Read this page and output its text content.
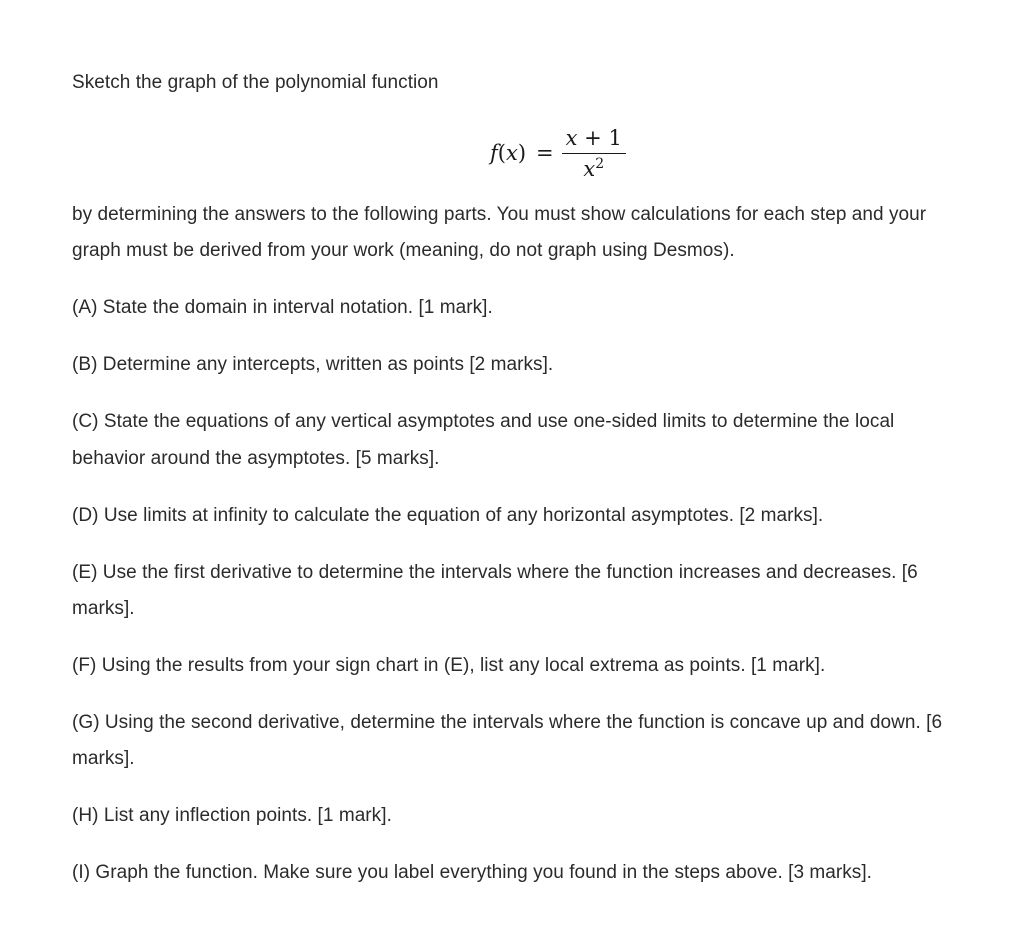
Sketch the graph of the polynomial function
$f(x) = \frac{x + 1}{x^2}$
by determining the answers to the following parts. You must show calculations for each step and your
graph must be derived from your work (meaning, do not graph using Desmos).
(A) State the domain in interval notation. [1 mark].
(B) Determine any intercepts, written as points [2 marks].
(C) State the equations of any vertical asymptotes and use one-sided limits to determine the local
behavior around the asymptotes. [5 marks].
(D) Use limits at infinity to calculate the equation of any horizontal asymptotes. [2 marks].
(E) Use the first derivative to determine the intervals where the function increases and decreases. [6
marks].
(F) Using the results from your sign chart in (E), list any local extrema as points. [1 mark].
(G) Using the second derivative, determine the intervals where the function is concave up and down. [6
marks].
(H) List any inflection points. [1 mark].
(I) Graph the function. Make sure you label everything you found in the steps above. [3 marks].
